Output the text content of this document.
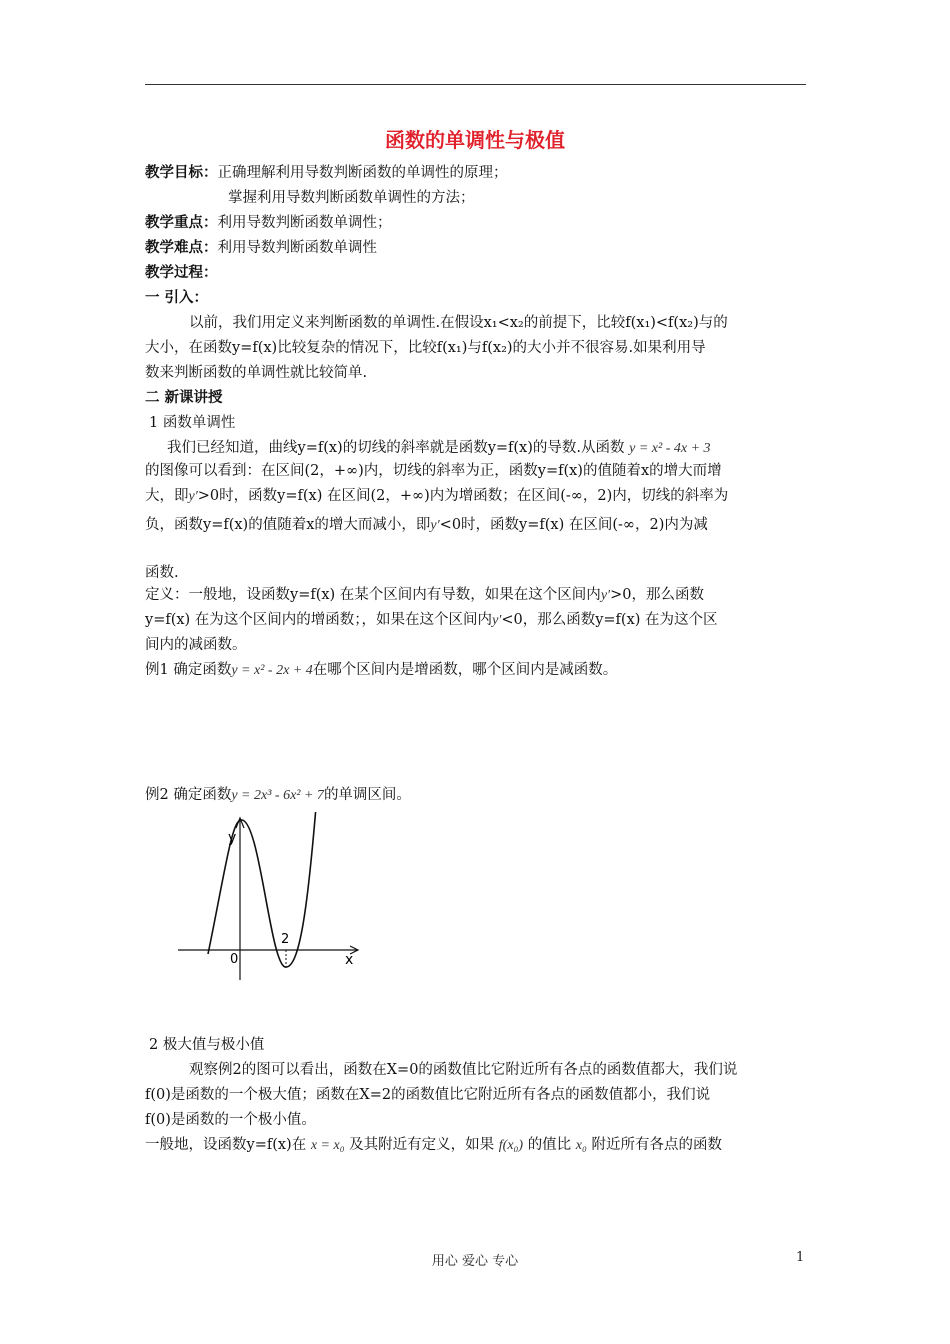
函数的单调性与极值
教学目标：正确理解利用导数判断函数的单调性的原理；
掌握利用导数判断函数单调性的方法；
教学重点：利用导数判断函数单调性；
教学难点：利用导数判断函数单调性
教学过程：
一 引入：
以前，我们用定义来判断函数的单调性.在假设x₁<x₂的前提下，比较f(x₁)<f(x₂)与的
大小，在函数y=f(x)比较复杂的情况下，比较f(x₁)与f(x₂)的大小并不很容易.如果利用导
数来判断函数的单调性就比较简单.
二 新课讲授
1 函数单调性
我们已经知道，曲线y=f(x)的切线的斜率就是函数y=f(x)的导数.从函数 y = x² - 4x + 3
的图像可以看到：在区间(2，+∞)内，切线的斜率为正，函数y=f(x)的值随着x的增大而增
大，即y′>0时，函数y=f(x) 在区间(2，+∞)内为增函数；在区间(-∞，2)内，切线的斜率为
负，函数y=f(x)的值随着x的增大而减小，即y′<0时，函数y=f(x) 在区间(-∞，2)内为减
函数.
定义：一般地，设函数y=f(x) 在某个区间内有导数，如果在这个区间内y′>0，那么函数
y=f(x) 在为这个区间内的增函数；，如果在这个区间内y′<0，那么函数y=f(x) 在为这个区
间内的减函数。
例1 确定函数y = x² - 2x + 4在哪个区间内是增函数，哪个区间内是减函数。
例2 确定函数y = 2x³ - 6x² + 7的单调区间。
y
x
0
2
2 极大值与极小值
观察例2的图可以看出，函数在X=0的函数值比它附近所有各点的函数值都大，我们说
f(0)是函数的一个极大值；函数在X=2的函数值比它附近所有各点的函数值都小，我们说
f(0)是函数的一个极小值。
一般地，设函数y=f(x)在 x = x₀ 及其附近有定义，如果 f(x₀) 的值比 x₀ 附近所有各点的函数
用心 爱心 专心	1
